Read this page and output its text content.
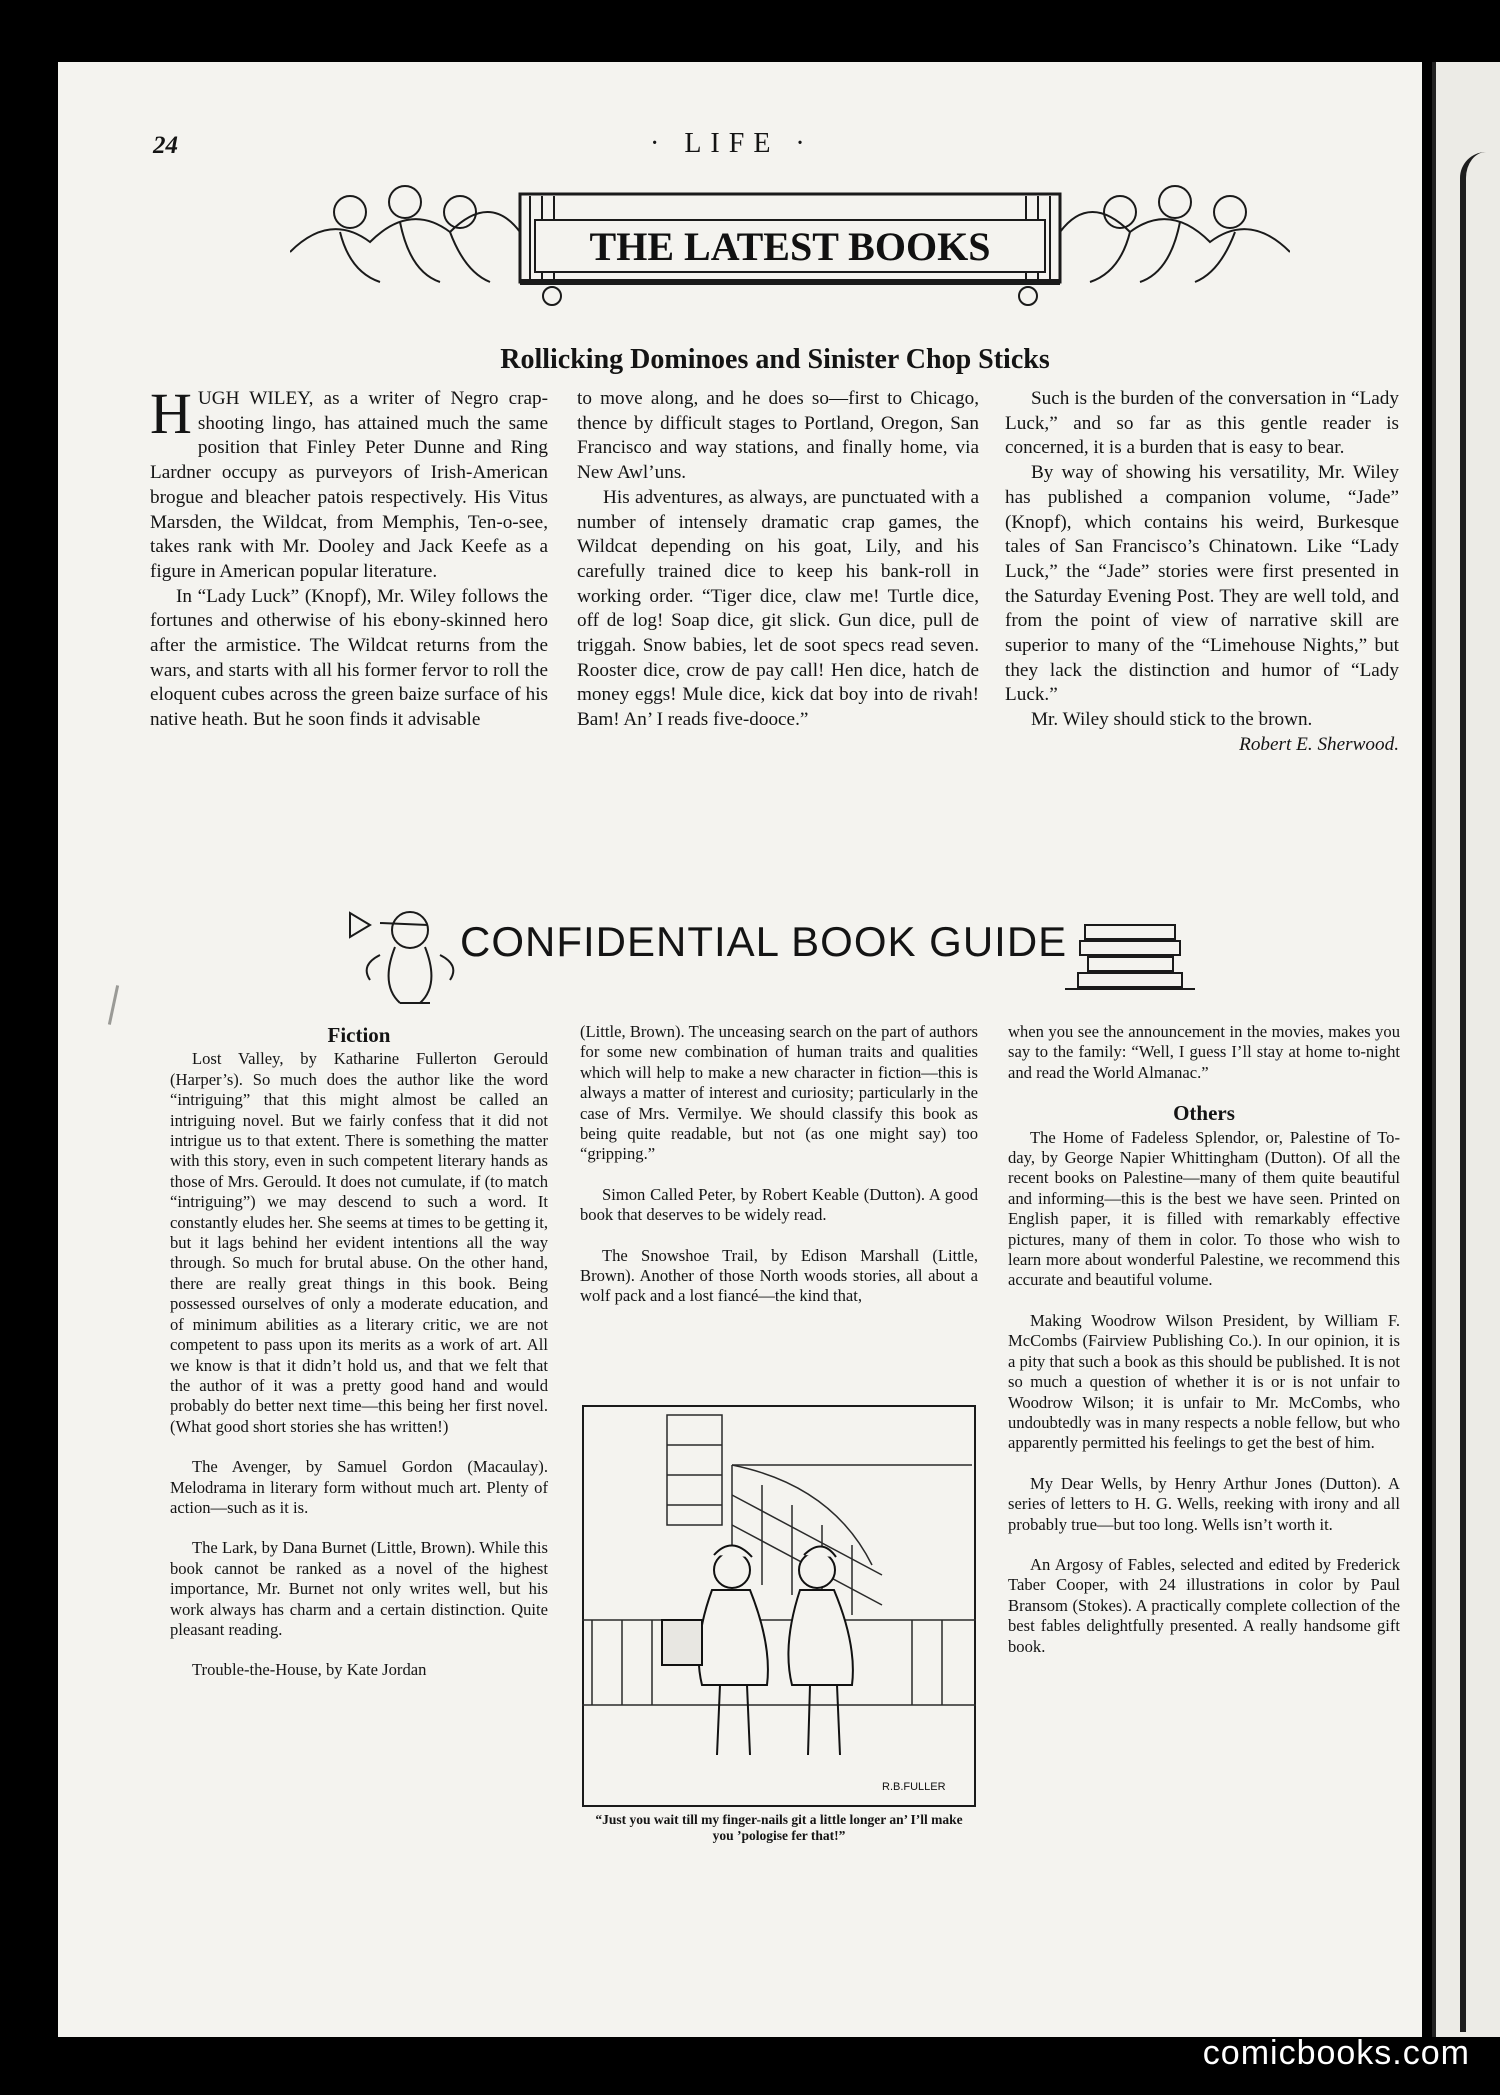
24	· LIFE ·
THE LATEST BOOKS
Rollicking Dominoes and Sinister Chop Sticks

HUGH WILEY, as a writer of Negro crap-shooting lingo, has attained much the same position that Finley Peter Dunne and Ring Lardner occupy as purveyors of Irish-American brogue and bleacher patois respectively. His Vitus Marsden, the Wildcat, from Memphis, Ten-o-see, takes rank with Mr. Dooley and Jack Keefe as a figure in American popular literature.

In “Lady Luck” (Knopf), Mr. Wiley follows the fortunes and otherwise of his ebony-skinned hero after the armistice. The Wildcat returns from the wars, and starts with all his former fervor to roll the eloquent cubes across the green baize surface of his native heath. But he soon finds it advisable

to move along, and he does so—first to Chicago, thence by difficult stages to Portland, Oregon, San Francisco and way stations, and finally home, via New Awl’uns.

His adventures, as always, are punctuated with a number of intensely dramatic crap games, the Wildcat depending on his goat, Lily, and his carefully trained dice to keep his bank-roll in working order. “Tiger dice, claw me! Turtle dice, off de log! Soap dice, git slick. Gun dice, pull de triggah. Snow babies, let de soot specs read seven. Rooster dice, crow de pay call! Hen dice, hatch de money eggs! Mule dice, kick dat boy into de rivah! Bam! An’ I reads five-dooce.”

Such is the burden of the conversation in “Lady Luck,” and so far as this gentle reader is concerned, it is a burden that is easy to bear.

By way of showing his versatility, Mr. Wiley has published a companion volume, “Jade” (Knopf), which contains his weird, Burkesque tales of San Francisco’s Chinatown. Like “Lady Luck,” the “Jade” stories were first presented in the Saturday Evening Post. They are well told, and from the point of view of narrative skill are superior to many of the “Limehouse Nights,” but they lack the distinction and humor of “Lady Luck.”

Mr. Wiley should stick to the brown.

Robert E. Sherwood.
CONFIDENTIAL BOOK GUIDE
Fiction

Lost Valley, by Katharine Fullerton Gerould (Harper’s). So much does the author like the word “intriguing” that this might almost be called an intriguing novel. But we fairly confess that it did not intrigue us to that extent. There is something the matter with this story, even in such competent literary hands as those of Mrs. Gerould. It does not cumulate, if (to match “intriguing”) we may descend to such a word. It constantly eludes her. She seems at times to be getting it, but it lags behind her evident intentions all the way through. So much for brutal abuse. On the other hand, there are really great things in this book. Being possessed ourselves of only a moderate education, and of minimum abilities as a literary critic, we are not competent to pass upon its merits as a work of art. All we know is that it didn’t hold us, and that we felt that the author of it was a pretty good hand and would probably do better next time—this being her first novel. (What good short stories she has written!)

The Avenger, by Samuel Gordon (Macaulay). Melodrama in literary form without much art. Plenty of action—such as it is.

The Lark, by Dana Burnet (Little, Brown). While this book cannot be ranked as a novel of the highest importance, Mr. Burnet not only writes well, but his work always has charm and a certain distinction. Quite pleasant reading.

Trouble-the-House, by Kate Jordan

(Little, Brown). The unceasing search on the part of authors for some new combination of human traits and qualities which will help to make a new character in fiction—this is always a matter of interest and curiosity; particularly in the case of Mrs. Vermilye. We should classify this book as being quite readable, but not (as one might say) too “gripping.”

Simon Called Peter, by Robert Keable (Dutton). A good book that deserves to be widely read.

The Snowshoe Trail, by Edison Marshall (Little, Brown). Another of those North woods stories, all about a wolf pack and a lost fiancé—the kind that,

R.B.FULLER
“Just you wait till my finger-nails git a little longer an’ I’ll make you ’pologise fer that!”

when you see the announcement in the movies, makes you say to the family: “Well, I guess I’ll stay at home to-night and read the World Almanac.”

Others

The Home of Fadeless Splendor, or, Palestine of To-day, by George Napier Whittingham (Dutton). Of all the recent books on Palestine—many of them quite beautiful and informing—this is the best we have seen. Printed on English paper, it is filled with remarkably effective pictures, many of them in color. To those who wish to learn more about wonderful Palestine, we recommend this accurate and beautiful volume.

Making Woodrow Wilson President, by William F. McCombs (Fairview Publishing Co.). In our opinion, it is a pity that such a book as this should be published. It is not so much a question of whether it is or is not unfair to Woodrow Wilson; it is unfair to Mr. McCombs, who undoubtedly was in many respects a noble fellow, but who apparently permitted his feelings to get the best of him.

My Dear Wells, by Henry Arthur Jones (Dutton). A series of letters to H. G. Wells, reeking with irony and all probably true—but too long. Wells isn’t worth it.

An Argosy of Fables, selected and edited by Frederick Taber Cooper, with 24 illustrations in color by Paul Bransom (Stokes). A practically complete collection of the best fables delightfully presented. A really handsome gift book.

comicbooks.com
